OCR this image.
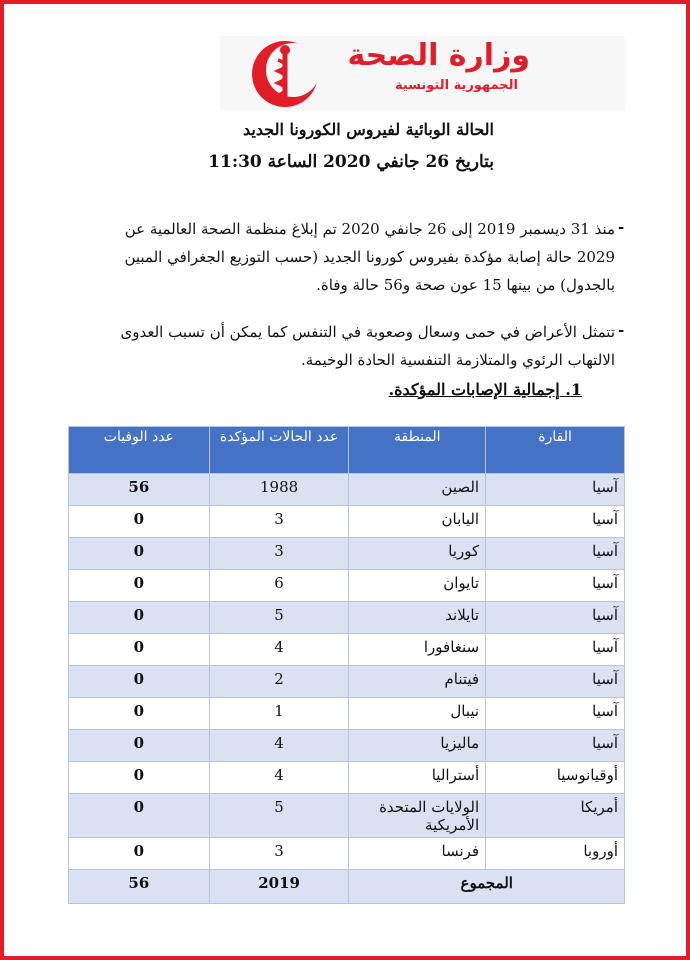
وزارة الصحة
الجمهورية التونسية
الحالة الوبائية لفيروس الكورونا الجديد
بتاريخ 26 جانفي 2020 الساعة 11:30
-
منذ 31 ديسمبر 2019 إلى 26 جانفي 2020 تم إبلاغ منظمة الصحة العالمية عن 2029 حالة إصابة مؤكدة بفيروس كورونا الجديد (حسب التوزيع الجغرافي المبين بالجدول) من بينها 15 عون صحة و56 حالة وفاة.
-
تتمثل الأعراض في حمى وسعال وصعوبة في التنفس كما يمكن أن تسبب العدوى الالتهاب الرئوي والمتلازمة التنفسية الحادة الوخيمة.
1. إجمالية الإصابات المؤكدة.
القارة	المنطقة	عدد الحالات المؤكدة	عدد الوفيات
آسيا	الصين	1988	56
آسيا	اليابان	3	0
آسيا	كوريا	3	0
آسيا	تايوان	6	0
آسيا	تايلاند	5	0
آسيا	سنغافورا	4	0
آسيا	فيتنام	2	0
آسيا	نيبال	1	0
آسيا	ماليزيا	4	0
أوقيانوسيا	أستراليا	4	0
أمريكا	الولايات المتحدة الأمريكية	5	0
أوروبا	فرنسا	3	0
المجموع		2019	56
